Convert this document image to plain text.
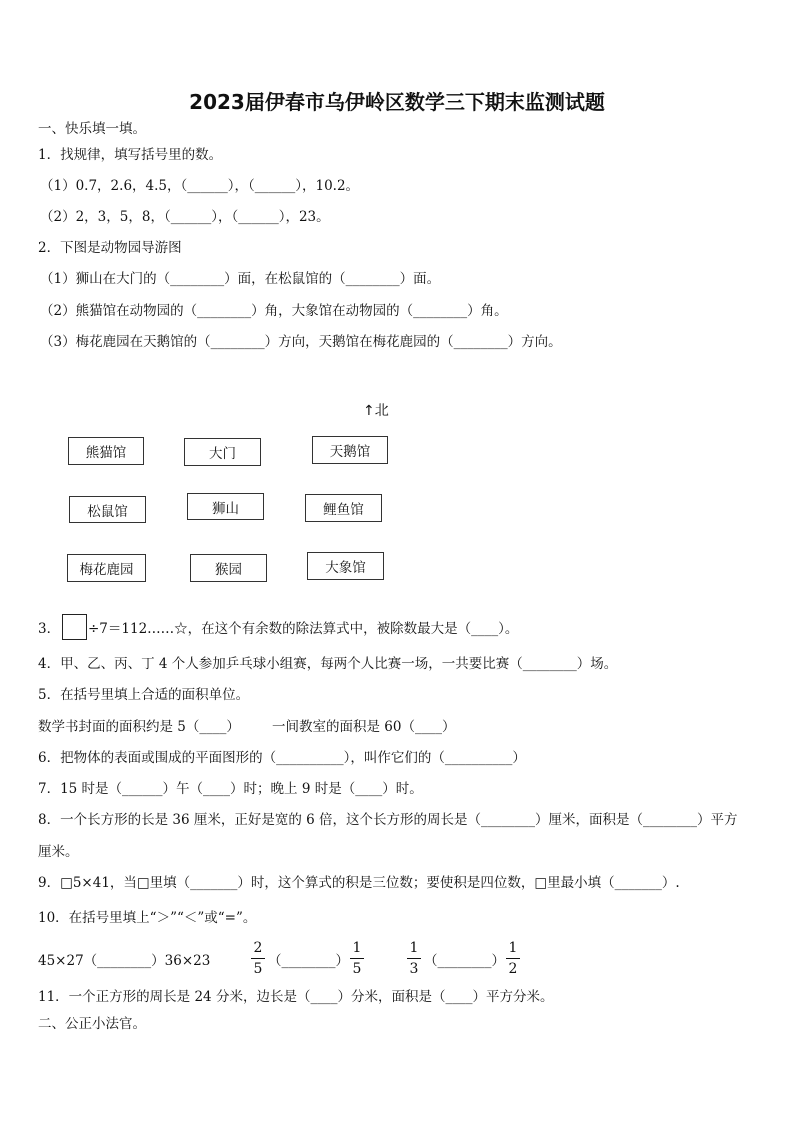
2023届伊春市乌伊岭区数学三下期末监测试题
一、快乐填一填。
1．找规律，填写括号里的数。
（1）0.7，2.6，4.5，（______），（______），10.2。
（2）2，3，5，8，（______），（______），23。
2．下图是动物园导游图
（1）狮山在大门的（________）面，在松鼠馆的（________）面。
（2）熊猫馆在动物园的（________）角，大象馆在动物园的（________）角。
（3）梅花鹿园在天鹅馆的（________）方向，天鹅馆在梅花鹿园的（________）方向。
↑北
熊猫馆	大门	天鹅馆
松鼠馆	狮山	鲤鱼馆
梅花鹿园	猴园	大象馆
3． ÷7＝112……☆，在这个有余数的除法算式中，被除数最大是（____）。
4．甲、乙、丙、丁 4 个人参加乒乓球小组赛，每两个人比赛一场，一共要比赛（________）场。
5．在括号里填上合适的面积单位。
数学书封面的面积约是 5（____） 一间教室的面积是 60（____）
6．把物体的表面或围成的平面图形的（__________），叫作它们的（__________）
7．15 时是（______）午（____）时；晚上 9 时是（____）时。
8．一个长方形的长是 36 厘米，正好是宽的 6 倍，这个长方形的周长是（________）厘米，面积是（________）平方
厘米。
9．□5×41，当□里填（_______）时，这个算式的积是三位数；要使积是四位数，□里最小填（_______）.
10．在括号里填上“＞”“＜”或“=”。
45×27（________）36×23
2
5 （________）
1
5
1
3 （________）
1
2
11．一个正方形的周长是 24 分米，边长是（____）分米，面积是（____）平方分米。
二、公正小法官。
